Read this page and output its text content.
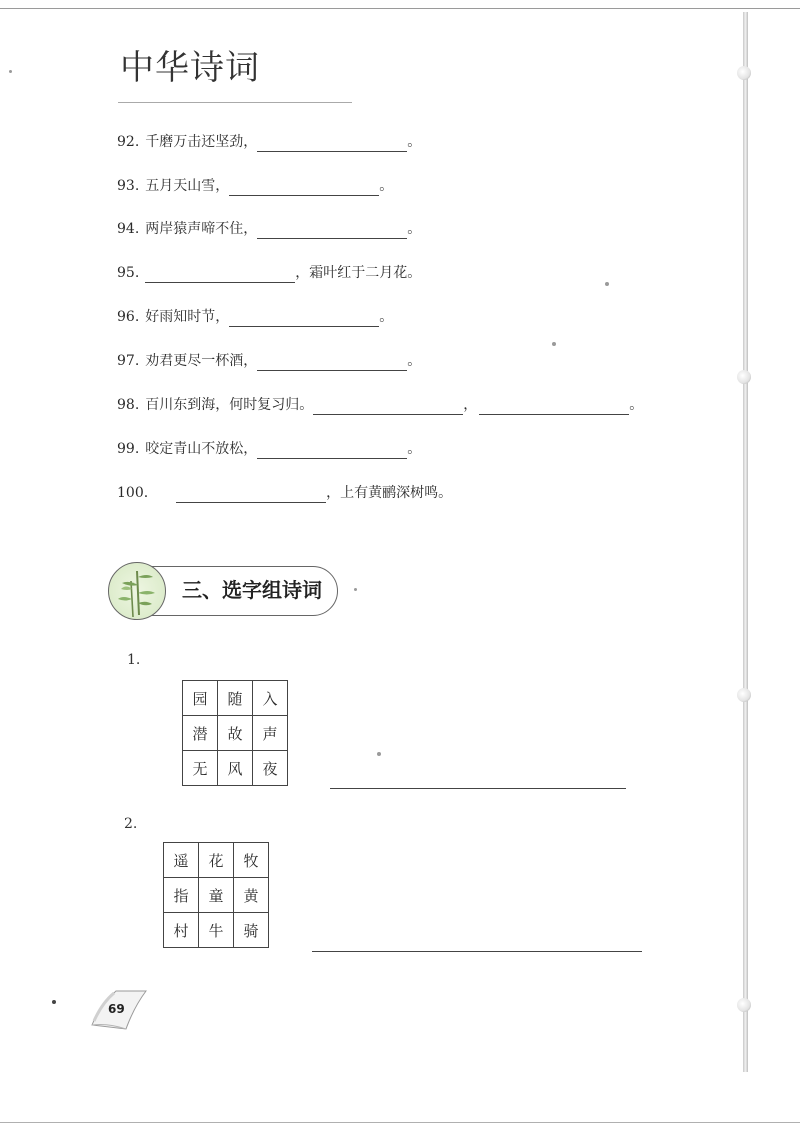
中华诗词
92. 千磨万击还坚劲，	。
93. 五月天山雪，	。
94. 两岸猿声啼不住，	。
95.	，霜叶红于二月花。
96. 好雨知时节，	。
97. 劝君更尽一杯酒，	。
98. 百川东到海，何时复习归。	，	。
99. 咬定青山不放松，	。
100.	，上有黄鹂深树鸣。
三、选字组诗词
1.
园	随	入
潜	故	声
无	风	夜
2.
遥	花	牧
指	童	黄
村	牛	骑
69
